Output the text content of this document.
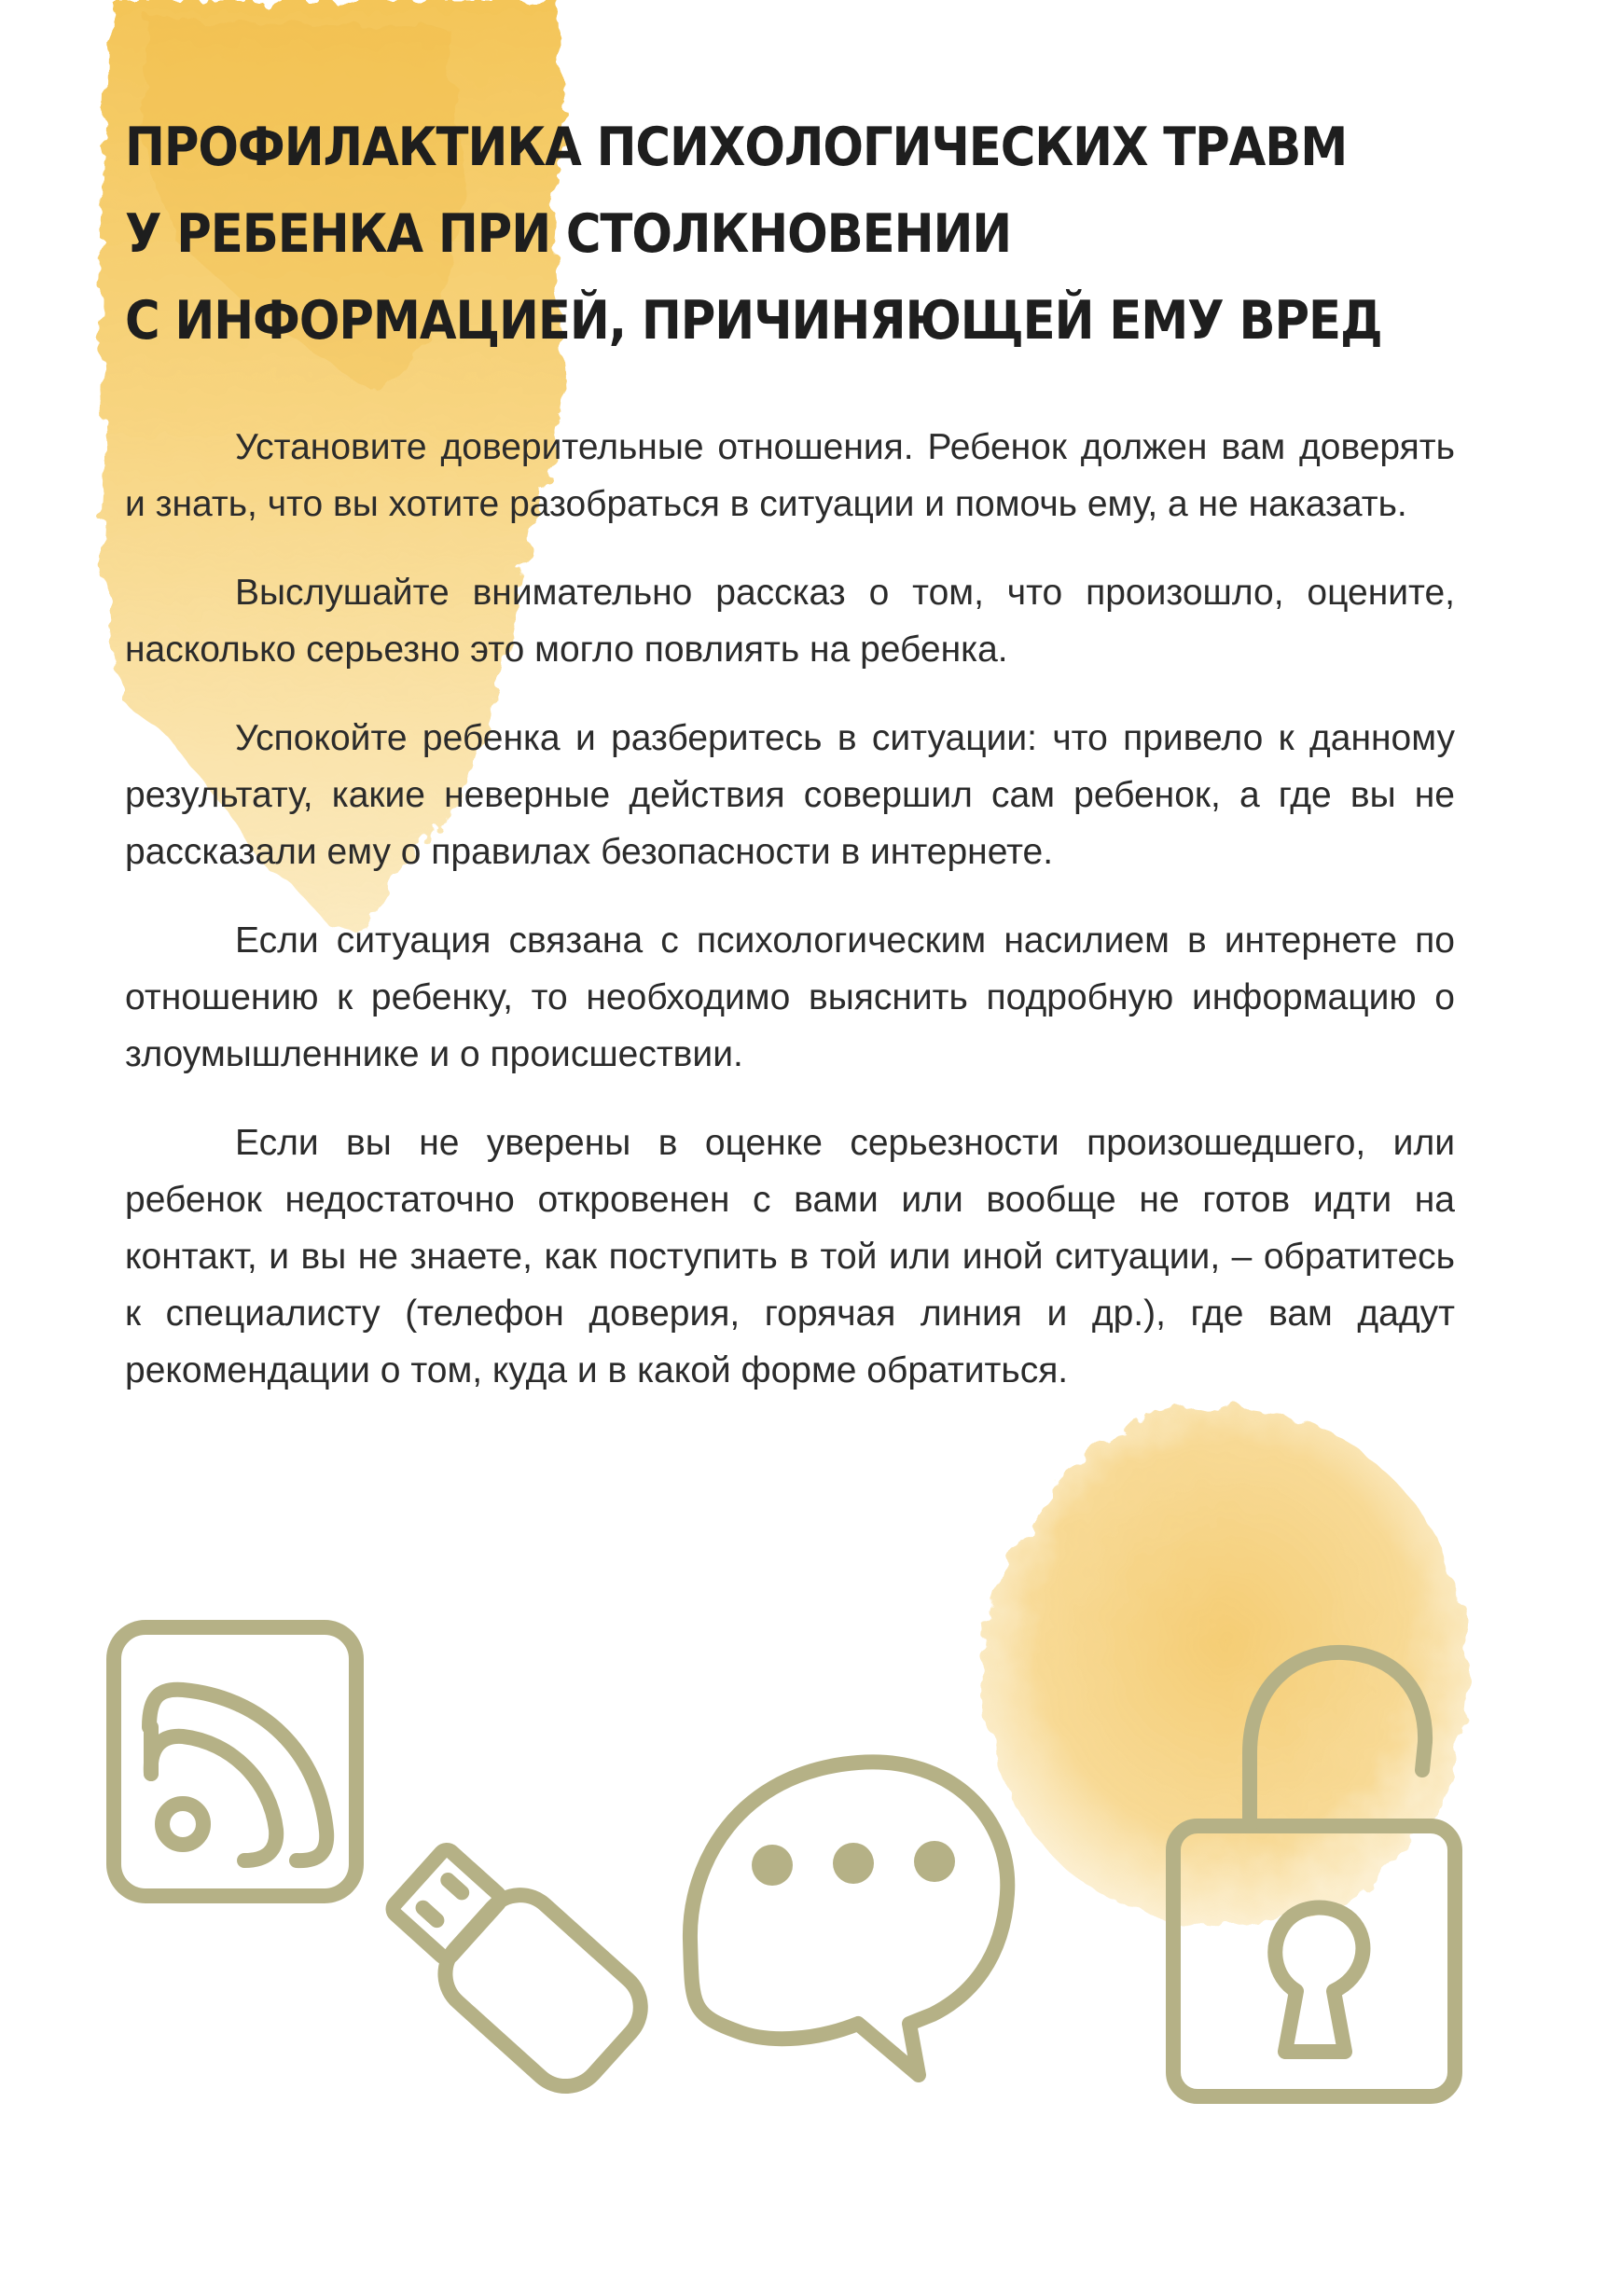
ПРОФИЛАКТИКА ПСИХОЛОГИЧЕСКИХ ТРАВМ
У РЕБЕНКА ПРИ СТОЛКНОВЕНИИ
С ИНФОРМАЦИЕЙ, ПРИЧИНЯЮЩЕЙ ЕМУ ВРЕД

Установите доверительные отношения. Ребенок должен вам доверять и знать, что вы хотите разобраться в ситуации и помочь ему, а не наказать.

Выслушайте внимательно рассказ о том, что произошло, оцените, насколько серьезно это могло повлиять на ребенка.

Успокойте ребенка и разберитесь в ситуации: что привело к данному результату, какие неверные действия совершил сам ребенок, а где вы не рассказали ему о правилах безопасности в интернете.

Если ситуация связана с психологическим насилием в интернете по отношению к ребенку, то необходимо выяснить подробную информацию о злоумышленнике и о происшествии.

Если вы не уверены в оценке серьезности произошедшего, или ребенок недостаточно откровенен с вами или вообще не готов идти на контакт, и вы не знаете, как поступить в той или иной ситуации, – обратитесь к специалисту (телефон доверия, горячая линия и др.), где вам дадут рекомендации о том, куда и в какой форме обратиться.
